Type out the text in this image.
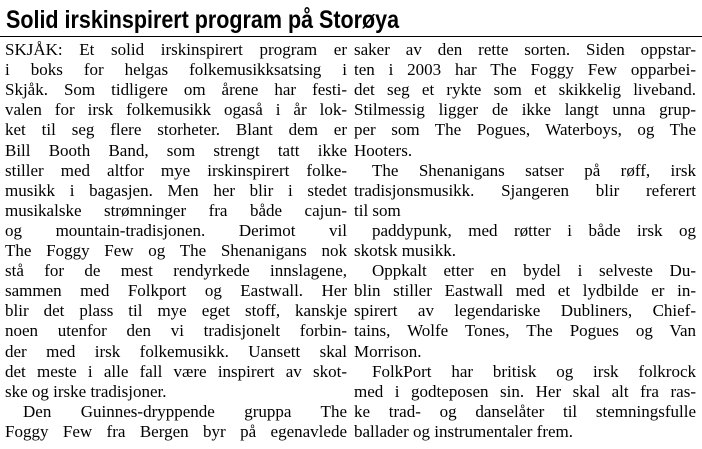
Solid irskinspirert program på Storøya
SKJÅK: Et solid irskinspirert program er
i boks for helgas folkemusikksatsing i
Skjåk. Som tidligere om årene har festi-
valen for irsk folkemusikk ogaså i år lok-
ket til seg flere storheter. Blant dem er
Bill Booth Band, som strengt tatt ikke
stiller med altfor mye irskinspirert folke-
musikk i bagasjen. Men her blir i stedet
musikalske strømninger fra både cajun-
og mountain-tradisjonen. Derimot vil
The Foggy Few og The Shenanigans nok
stå for de mest rendyrkede innslagene,
sammen med Folkport og Eastwall. Her
blir det plass til mye eget stoff, kanskje
noen utenfor den vi tradisjonelt forbin-
der med irsk folkemusikk. Uansett skal
det meste i alle fall være inspirert av skot-
ske og irske tradisjoner.
Den Guinnes-dryppende gruppa The
Foggy Few fra Bergen byr på egenavlede
saker av den rette sorten. Siden oppstar-
ten i 2003 har The Foggy Few opparbei-
det seg et rykte som et skikkelig liveband.
Stilmessig ligger de ikke langt unna grup-
per som The Pogues, Waterboys, og The
Hooters.
The Shenanigans satser på røff, irsk
tradisjonsmusikk. Sjangeren blir referert
til som
paddypunk, med røtter i både irsk og
skotsk musikk.
Oppkalt etter en bydel i selveste Du-
blin stiller Eastwall med et lydbilde er in-
spirert av legendariske Dubliners, Chief-
tains, Wolfe Tones, The Pogues og Van
Morrison.
FolkPort har britisk og irsk folkrock
med i godteposen sin. Her skal alt fra ras-
ke trad- og danselåter til stemningsfulle
ballader og instrumentaler frem.
